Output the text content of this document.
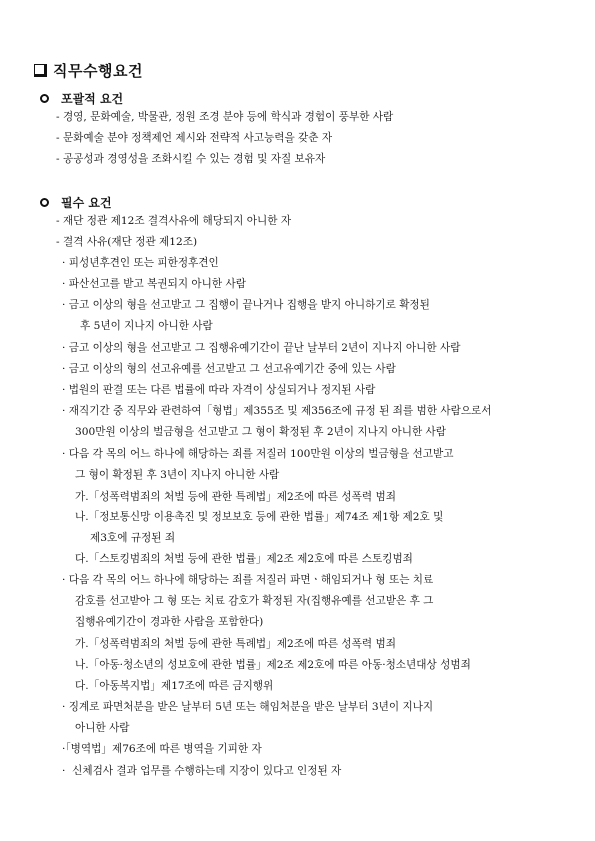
직무수행요건
포괄적 요건
- 경영, 문화예술, 박물관, 정원 조경 분야 등에 학식과 경험이 풍부한 사람
- 문화예술 분야 정책제언 제시와 전략적 사고능력을 갖춘 자
- 공공성과 경영성을 조화시킬 수 있는 경험 및 자질 보유자
필수 요건
- 재단 정관 제12조 결격사유에 해당되지 아니한 자
- 결격 사유(재단 정관 제12조)
· 피성년후견인 또는 피한정후견인
· 파산선고를 받고 복권되지 아니한 사람
· 금고 이상의 형을 선고받고 그 집행이 끝나거나 집행을 받지 아니하기로 확정된
후 5년이 지나지 아니한 사람
· 금고 이상의 형을 선고받고 그 집행유예기간이 끝난 날부터 2년이 지나지 아니한 사람
· 금고 이상의 형의 선고유예를 선고받고 그 선고유예기간 중에 있는 사람
· 법원의 판결 또는 다른 법률에 따라 자격이 상실되거나 정지된 사람
· 재직기간 중 직무와 관련하여「형법」제355조 및 제356조에 규정 된 죄를 범한 사람으로서
300만원 이상의 벌금형을 선고받고 그 형이 확정된 후 2년이 지나지 아니한 사람
· 다음 각 목의 어느 하나에 해당하는 죄를 저질러 100만원 이상의 벌금형을 선고받고
그 형이 확정된 후 3년이 지나지 아니한 사람
가.「성폭력범죄의 처벌 등에 관한 특례법」제2조에 따른 성폭력 범죄
나.「정보통신망 이용촉진 및 정보보호 등에 관한 법률」제74조 제1항 제2호 및
제3호에 규정된 죄
다.「스토킹범죄의 처벌 등에 관한 법률」제2조 제2호에 따른 스토킹범죄
· 다음 각 목의 어느 하나에 해당하는 죄를 저질러 파면ㆍ해임되거나 형 또는 치료
감호를 선고받아 그 형 또는 치료 감호가 확정된 자(집행유예를 선고받은 후 그
집행유예기간이 경과한 사람을 포함한다)
가.「성폭력범죄의 처벌 등에 관한 특례법」제2조에 따른 성폭력 범죄
나.「아동·청소년의 성보호에 관한 법률」제2조 제2호에 따른 아동·청소년대상 성범죄
다.「아동복지법」제17조에 따른 금지행위
· 징계로 파면처분을 받은 날부터 5년 또는 해임처분을 받은 날부터 3년이 지나지
아니한 사람
·「병역법」제76조에 따른 병역을 기피한 자
·  신체검사 결과 업무를 수행하는데 지장이 있다고 인정된 자
